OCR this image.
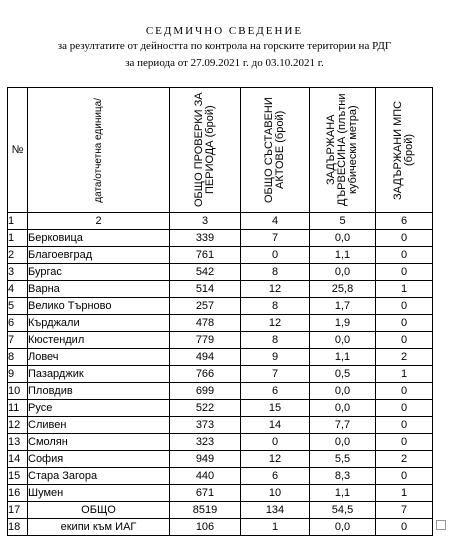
СЕДМИЧНО СВЕДЕНИЕ
за резултатите от дейността по контрола на горските територии на РДГ
за периода от 27.09.2021 г. до 03.10.2021 г.
№	дата/отчетна единица/	ОБЩО ПРОВЕРКИ ЗА ПЕРИОДА (брой)	ОБЩО СЪСТАВЕНИ АКТОВЕ (брой)	ЗАДЪРЖАНА ДЪРВЕСИНА (плътни кубически метра)	ЗАДЪРЖАНИ МПС (брой)

1	2	3	4	5	6
1	Берковица	339	7	0,0	0
2	Благоевград	761	0	1,1	0
3	Бургас	542	8	0,0	0
4	Варна	514	12	25,8	1
5	Велико Търново	257	8	1,7	0
6	Кърджали	478	12	1,9	0
7	Кюстендил	779	8	0,0	0
8	Ловеч	494	9	1,1	2
9	Пазарджик	766	7	0,5	1
10	Пловдив	699	6	0,0	0
11	Русе	522	15	0,0	0
12	Сливен	373	14	7,7	0
13	Смолян	323	0	0,0	0
14	София	949	12	5,5	2
15	Стара Загора	440	6	8,3	0
16	Шумен	671	10	1,1	1
17	ОБЩО	8519	134	54,5	7
18	екипи към ИАГ	106	1	0,0	0
